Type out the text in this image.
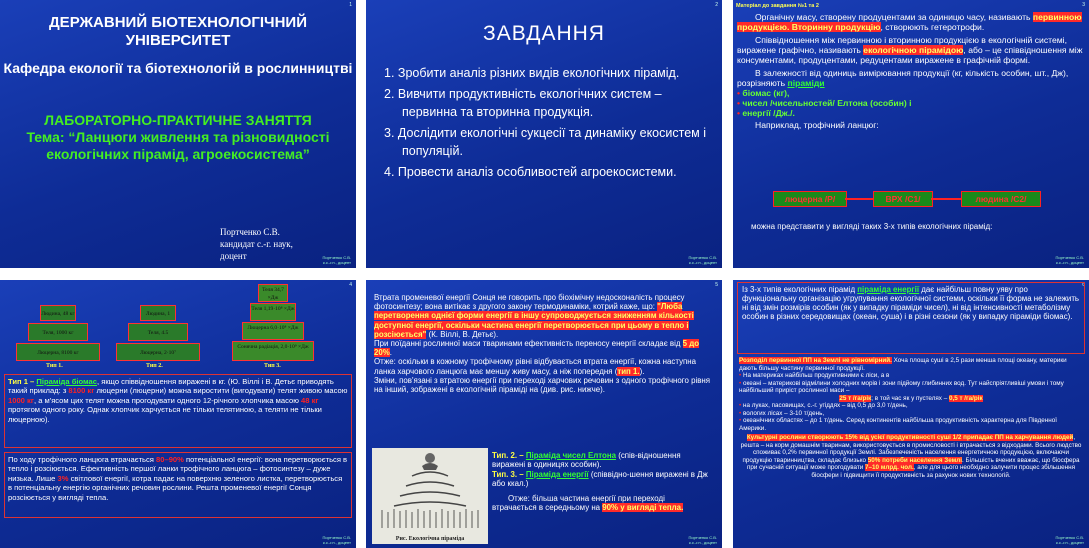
1
ДЕРЖАВНИЙ БІОТЕХНОЛОГІЧНИЙ УНІВЕРСИТЕТ
Кафедра екології та біотехнологій в рослинництві
ЛАБОРАТОРНО-ПРАКТИЧНЕ ЗАНЯТТЯ
Тема: “Ланцюги живлення та різновидності екологічних пірамід, агроекосистема”
Портченко С.В.
кандидат с.-г. наук,
доцент	Портченко С.В.
к.с.-г.н., доцент
2
ЗАВДАННЯ
1. Зробити аналіз різних видів екологічних пірамід.
2. Вивчити продуктивність екологічних систем – первинна та вторинна продукція.
3. Дослідити екологічні сукцесії та динаміку екосистем і популяцій.
4. Провести аналіз особливостей агроекосистеми.
Портченко С.В.
к.с.-г.н., доцент
Матеріал до завдання №1 та 2	3

Органічну масу, створену продуцентами за одиницю часу, називають первинною продукцією. Вторинну продукцію, створюють гетеротрофи.

Співвідношення між первинною і вторинною продукцією в екологічній системі, виражене графічно, називають екологічною пірамідою, або – це співвідношення між консументами, продуцентами, редуцентами виражене в графічній формі.

В залежності від одиниць вимірювання продукції (кг, кількість особин, шт., Дж), розрізняють піраміди

• біомас (кг),

• чисел /чисельностей/ Елтона (особин) і

• енергії /Дж./.

Наприклад, трофічний ланцюг:

люцерна /Р/	ВРХ /С1/	людина /С2/
можна представити у вигляді таких 3-х типів екологічних пірамід:
Портченко С.В.
к.с.-г.н., доцент
4
Людина, 48 кг
Теля, 1000 кг
Люцерна, 8100 кг
Тип 1.
Людина, 1
Теля, 4.5
Люцерна, 2·10⁷
Тип 2.
Теля 34,7 ×Дж
Теля 1,19·10⁸ ×Дж
Люцерна 6,0·10⁸ ×Дж
Сонячна радіація, 2,0·10⁹ ×Дж
Тип 3.

Тип 1 – Піраміда біомас, якщо співвідношення виражені в кг. (Ю. Віллі і В. Детьє приводять такий приклад: з 8100 кг люцерни (люцерни) можна виростити (вигодувати) телят живою масою 1000 кг, а м'ясом цих телят можна прогодувати одного 12-річного хлопчика масою 48 кг протягом одного року. Однак хлопчик харчується не тільки телятиною, а теляти не тільки люцерною).

По ходу трофічного ланцюга втрачається 80–90% потенціальної енергії: вона перетворюється в тепло і розсіюється. Ефективність першої ланки трофічного ланцюга – фотосинтезу – дуже низька. Лише 3% світлової енергії, котра падає на поверхню зеленого листка, перетворюється в потенціальну енергію органічних речовин рослини. Решта променевої енергії Сонця розсіюється у вигляді тепла.

Портченко С.В.
к.с.-г.н., доцент
5

Втрата променевої енергії Сонця не говорить про біохімічну недосконалість процесу фотосинтезу; вона витікає з другого закону термодинаміки, котрий каже, що: "Люба перетворення однієї форми енергії в іншу супроводжується зниженням кількості доступної енергії, оскільки частина енергії перетворюється при цьому в тепло і розсіюється" (К. Віллі, В. Детьє).

При поїданні рослинної маси тваринами ефективність переносу енергії складає від 5 до 20%.

Отже: оскільки в кожному трофічному рівні відбувається втрата енергії, кожна наступна ланка харчового ланцюга має меншу живу масу, а ніж попередня (тип 1.).

Зміни, пов'язані з втратою енергії при переході харчових речовин з одного трофічного рівня на інший, зображені в екологічній піраміді на (див. рис. нижче).

Рис. Екологічна піраміда
Тип. 2. – Піраміда чисел Елтона (спів-відношення виражені в одиницях особин).
Тип. 3. – Піраміда енергії (співвідно-шення виражені в Дж або ккал.)
Отже: більша частина енергії при переході втрачається в середньому на 90% у вигляді тепла.
Портченко С.В.
к.с.-г.н., доцент
6
Із 3-х типів екологічних пірамід піраміда енергії дає найбільш повну уяву про функціональну організацію угрупування екологічної системи, оскільки її форма не залежить ні від змін розмірів особин (як у випадку піраміди чисел), ні від інтенсивності метаболізму особин в різних середовищах (океан, суша) і в різні сезони (як у випадку піраміди біомас).

Розподіл первинної ПП на Землі не рівномірний. Хоча площа суші в 2,5 рази менша площі океану, материки дають більшу частину первинної продукції.

• На материках найбільш продуктивними є ліси, а в

• океані – материкові відмілини холодних морів і зони підйому глибинних вод. Тут найспріятливіші умови і тому найбільший приріст рослинної маси –

25 т /га/рік; в той час як у пустелях – 0,5 т /га/рік

• на луках, пасовищах, с.-г. угіддях – від 0,5 до 3,0 т/день,

• вологих лісах – 3-10 т/день,

• океанічних областях – до 1 т/день. Серед континентів найбільша продуктивність характерна для Південної Америки.

Культурні рослини створюють 15% від усієї продуктивності суші 1/2 припадає ПП на харчування людей, решта – на корм домашнім тваринам, використовується в промисловості і втрачається з відходами. Всього людство споживає 0,2% первинної продукції Землі. Забезпеченість населення енергетичною продукцією, включаючи продукцію тваринництва, складає близько 50% потреби населення Землі. Більшість вчених вважає, що біосфера при сучасній ситуації може прогодувати 7–10 млрд. чол., але для цього необхідно залучити процес збільшення біосфери і підвищити її продуктивність за рахунок нових технологій.

Портченко С.В.
к.с.-г.н., доцент
